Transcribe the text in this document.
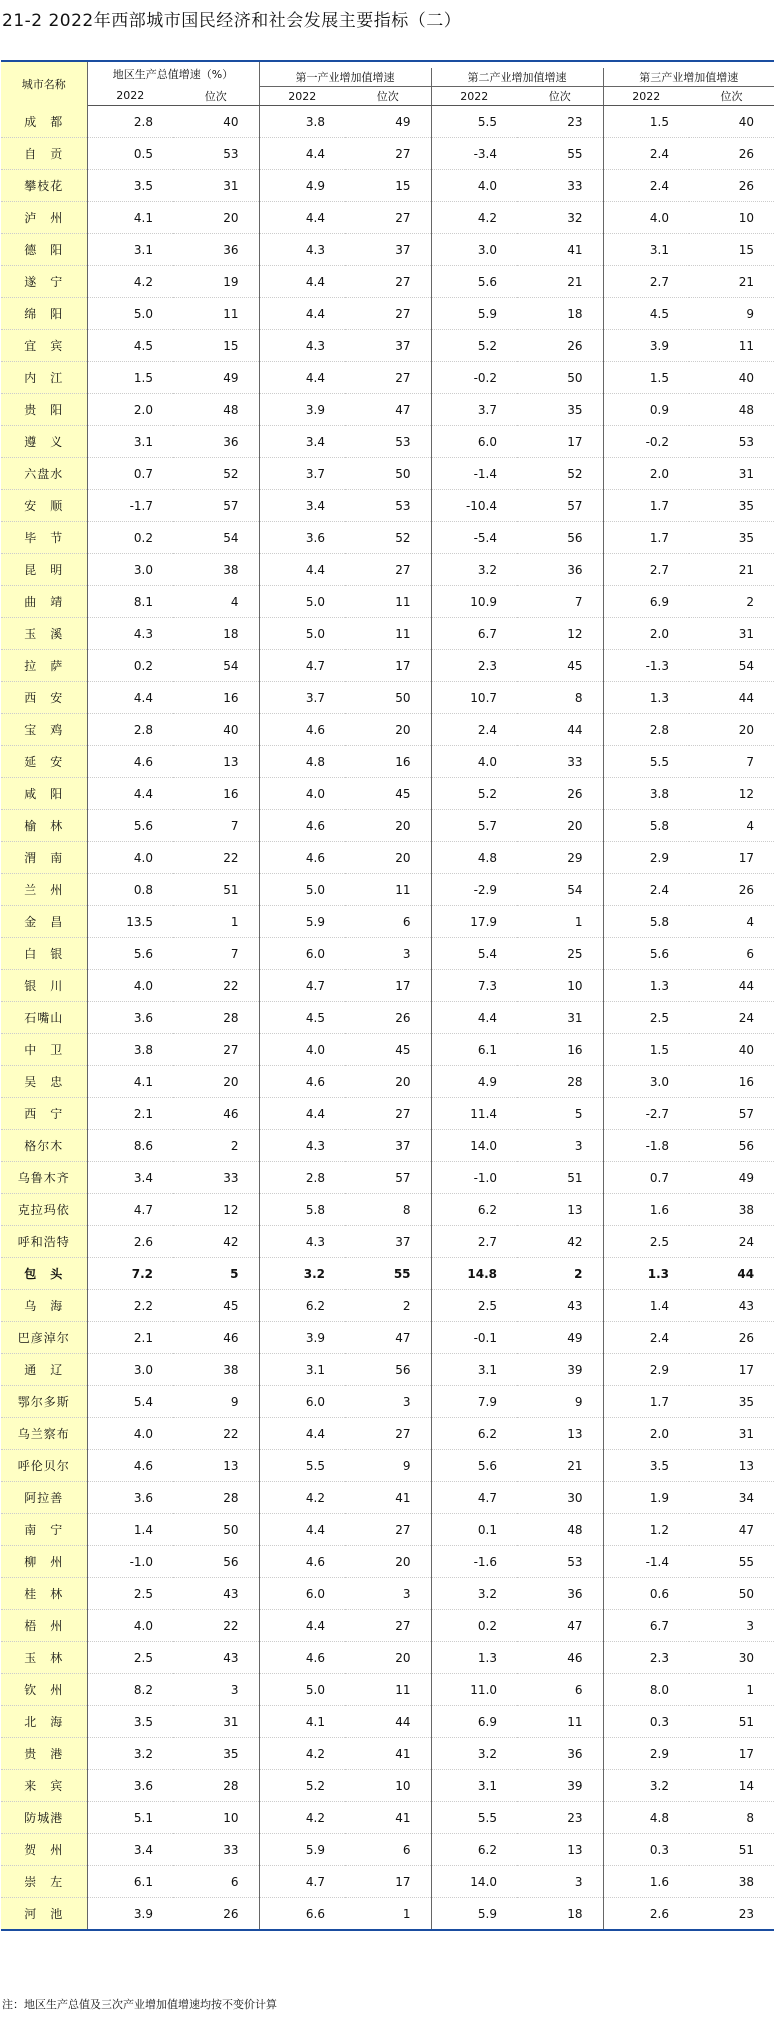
21-2 2022年西部城市国民经济和社会发展主要指标（二）
城市名称	地区生产总值增速（%）							
			第一产业增加值增速		第二产业增加值增速		第三产业增加值增速	
	2022	位次	2022	位次	2022	位次	2022	位次
成　都	2.8	40	3.8	49	5.5	23	1.5	40
自　贡	0.5	53	4.4	27	-3.4	55	2.4	26
攀枝花	3.5	31	4.9	15	4.0	33	2.4	26
泸　州	4.1	20	4.4	27	4.2	32	4.0	10
德　阳	3.1	36	4.3	37	3.0	41	3.1	15
遂　宁	4.2	19	4.4	27	5.6	21	2.7	21
绵　阳	5.0	11	4.4	27	5.9	18	4.5	9
宜　宾	4.5	15	4.3	37	5.2	26	3.9	11
内　江	1.5	49	4.4	27	-0.2	50	1.5	40
贵　阳	2.0	48	3.9	47	3.7	35	0.9	48
遵　义	3.1	36	3.4	53	6.0	17	-0.2	53
六盘水	0.7	52	3.7	50	-1.4	52	2.0	31
安　顺	-1.7	57	3.4	53	-10.4	57	1.7	35
毕　节	0.2	54	3.6	52	-5.4	56	1.7	35
昆　明	3.0	38	4.4	27	3.2	36	2.7	21
曲　靖	8.1	4	5.0	11	10.9	7	6.9	2
玉　溪	4.3	18	5.0	11	6.7	12	2.0	31
拉　萨	0.2	54	4.7	17	2.3	45	-1.3	54
西　安	4.4	16	3.7	50	10.7	8	1.3	44
宝　鸡	2.8	40	4.6	20	2.4	44	2.8	20
延　安	4.6	13	4.8	16	4.0	33	5.5	7
咸　阳	4.4	16	4.0	45	5.2	26	3.8	12
榆　林	5.6	7	4.6	20	5.7	20	5.8	4
渭　南	4.0	22	4.6	20	4.8	29	2.9	17
兰　州	0.8	51	5.0	11	-2.9	54	2.4	26
金　昌	13.5	1	5.9	6	17.9	1	5.8	4
白　银	5.6	7	6.0	3	5.4	25	5.6	6
银　川	4.0	22	4.7	17	7.3	10	1.3	44
石嘴山	3.6	28	4.5	26	4.4	31	2.5	24
中　卫	3.8	27	4.0	45	6.1	16	1.5	40
吴　忠	4.1	20	4.6	20	4.9	28	3.0	16
西　宁	2.1	46	4.4	27	11.4	5	-2.7	57
格尔木	8.6	2	4.3	37	14.0	3	-1.8	56
乌鲁木齐	3.4	33	2.8	57	-1.0	51	0.7	49
克拉玛依	4.7	12	5.8	8	6.2	13	1.6	38
呼和浩特	2.6	42	4.3	37	2.7	42	2.5	24
包　头	7.2	5	3.2	55	14.8	2	1.3	44
乌　海	2.2	45	6.2	2	2.5	43	1.4	43
巴彦淖尔	2.1	46	3.9	47	-0.1	49	2.4	26
通　辽	3.0	38	3.1	56	3.1	39	2.9	17
鄂尔多斯	5.4	9	6.0	3	7.9	9	1.7	35
乌兰察布	4.0	22	4.4	27	6.2	13	2.0	31
呼伦贝尔	4.6	13	5.5	9	5.6	21	3.5	13
阿拉善	3.6	28	4.2	41	4.7	30	1.9	34
南　宁	1.4	50	4.4	27	0.1	48	1.2	47
柳　州	-1.0	56	4.6	20	-1.6	53	-1.4	55
桂　林	2.5	43	6.0	3	3.2	36	0.6	50
梧　州	4.0	22	4.4	27	0.2	47	6.7	3
玉　林	2.5	43	4.6	20	1.3	46	2.3	30
钦　州	8.2	3	5.0	11	11.0	6	8.0	1
北　海	3.5	31	4.1	44	6.9	11	0.3	51
贵　港	3.2	35	4.2	41	3.2	36	2.9	17
来　宾	3.6	28	5.2	10	3.1	39	3.2	14
防城港	5.1	10	4.2	41	5.5	23	4.8	8
贺　州	3.4	33	5.9	6	6.2	13	0.3	51
崇　左	6.1	6	4.7	17	14.0	3	1.6	38
河　池	3.9	26	6.6	1	5.9	18	2.6	23
注：地区生产总值及三次产业增加值增速均按不变价计算
